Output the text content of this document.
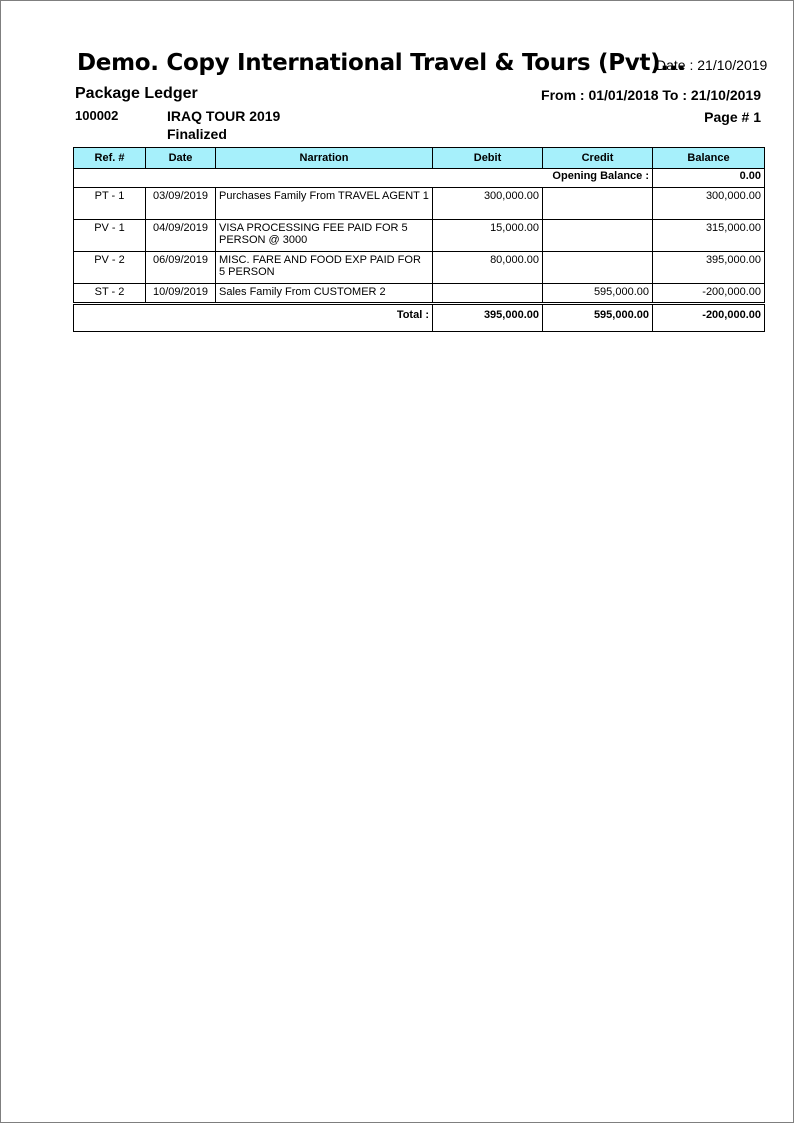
Demo. Copy International Travel & Tours (Pvt)...
Date : 21/10/2019
Package Ledger	From : 01/01/2018 To : 21/10/2019
100002	IRAQ TOUR 2019	Page # 1
Finalized
Ref. #	Date	Narration	Debit	Credit	Balance
Opening Balance :					0.00
PT - 1	03/09/2019	Purchases Family From TRAVEL AGENT 1	300,000.00		300,000.00
PV - 1	04/09/2019	VISA PROCESSING FEE PAID FOR 5 PERSON @ 3000	15,000.00		315,000.00
PV - 2	06/09/2019	MISC. FARE AND FOOD EXP PAID FOR 5 PERSON	80,000.00		395,000.00
ST - 2	10/09/2019	Sales Family From CUSTOMER 2		595,000.00	-200,000.00

Total :			395,000.00	595,000.00	-200,000.00
